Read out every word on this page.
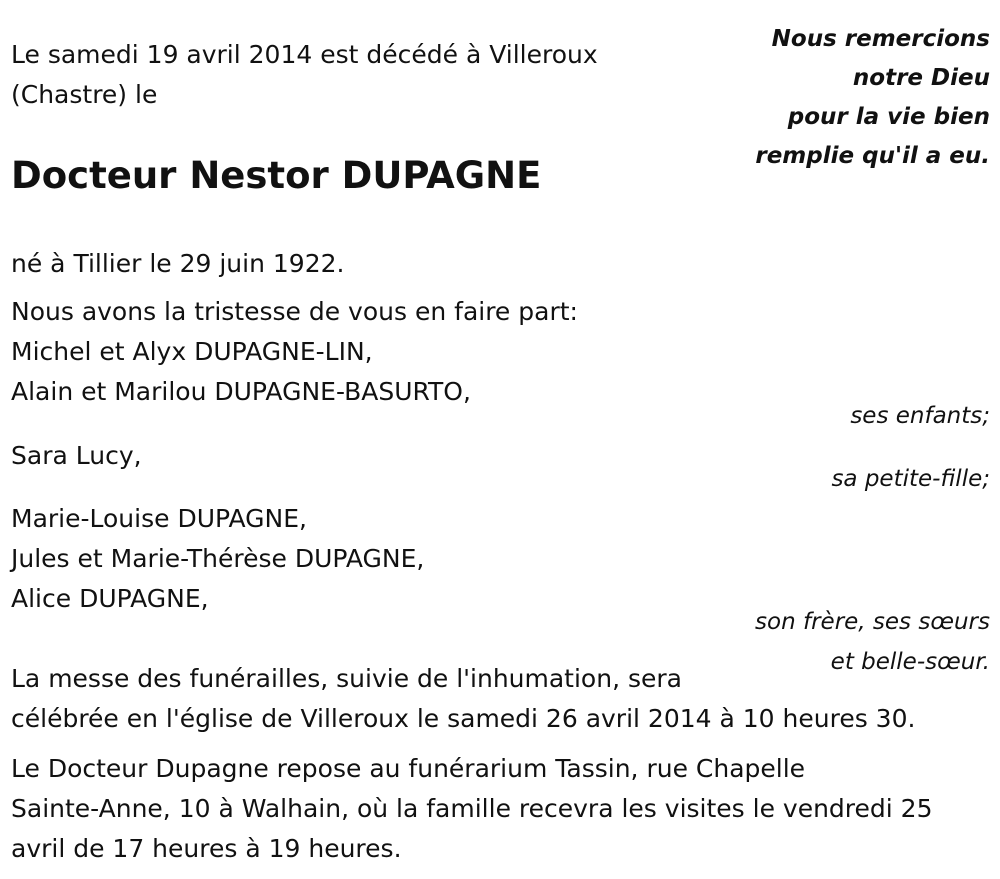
Le samedi 19 avril 2014 est décédé à Villeroux
(Chastre) le

Docteur Nestor DUPAGNE

Nous remercions
notre Dieu
pour la vie bien
remplie qu'il a eu.

né à Tillier le 29 juin 1922.

Nous avons la tristesse de vous en faire part:
Michel et Alyx DUPAGNE-LIN,
Alain et Marilou DUPAGNE-BASURTO,

ses enfants;

Sara Lucy,

sa petite-fille;

Marie-Louise DUPAGNE,
Jules et Marie-Thérèse DUPAGNE,
Alice DUPAGNE,

son frère, ses sœurs
et belle-sœur.

La messe des funérailles, suivie de l'inhumation, sera
célébrée en l'église de Villeroux le samedi 26 avril 2014 à 10 heures 30.

Le Docteur Dupagne repose au funérarium Tassin, rue Chapelle
Sainte-Anne, 10 à Walhain, où la famille recevra les visites le vendredi 25
avril de 17 heures à 19 heures.
